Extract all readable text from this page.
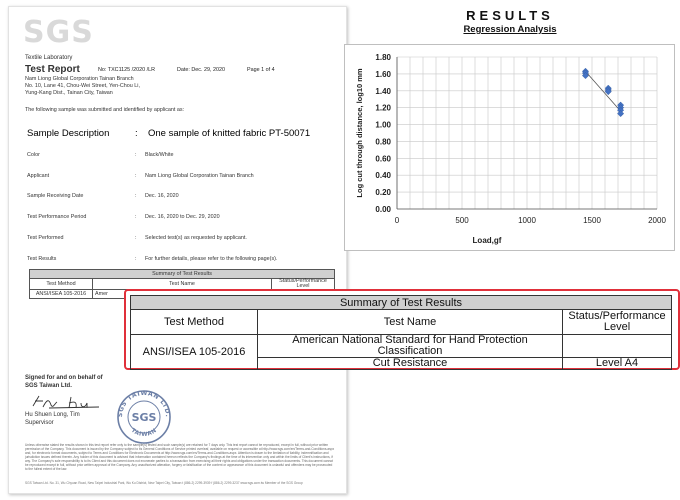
SGS
Textile Laboratory
Test Report	No: TXC1125 /2020 /LR	Date: Dec. 29, 2020	Page 1 of 4
Nam Liong Global Corporation Tainan Branch
No. 10, Lane 41, Chou-Wei Street, Yen-Chou Li,
Yung-Kang Dist., Tainan City, Taiwan
The following sample was submitted and identified by applicant as:
Sample Description	: One sample of knitted fabric PT-50071
Color	: Black/White
Applicant	: Nam Liong Global Corporation Tainan Branch
Sample Receiving Date	: Dec. 16, 2020
Test Performance Period	: Dec. 16, 2020 to Dec. 29, 2020
Test Performed	: Selected test(s) as requested by applicant.
Test Results	: For further details, please refer to the following page(s).
Summary of Test Results		
Test Method	Test Name	Status/Performance Level
ANSI/ISEA 105-2016	Amer	
Signed for and on behalf of
SGS Taiwan Ltd.
Hu Shuen Long, Tim
Supervisor
SGS TAIWAN LTD.
SGS
TAIWAN
Unless otherwise stated the results shown in this test report refer only to the sample(s) tested and such sample(s) are retained for 7 days only. This test report cannot be reproduced, except in full, without prior written permission of the Company. This document is issued by the Company subject to its General Conditions of Service printed overleaf, available on request or accessible at http://www.sgs.com/en/Terms-and-Conditions.aspx and, for electronic format documents, subject to Terms and Conditions for Electronic Documents at http://www.sgs.com/en/Terms-and-Conditions.aspx. Attention is drawn to the limitation of liability, indemnification and jurisdiction issues defined therein. Any holder of this document is advised that information contained hereon reflects the Company's findings at the time of its intervention only and within the limits of Client's instructions, if any. The Company's sole responsibility is to its Client and this document does not exonerate parties to a transaction from exercising all their rights and obligations under the transaction documents. This document cannot be reproduced except in full, without prior written approval of the Company. Any unauthorized alteration, forgery or falsification of the content or appearance of this document is unlawful and offenders may be prosecuted to the fullest extent of the law.
SGS Taiwan Ltd. No. 31, Wu Chyuan Road, New Taipei Industrial Park, Wu Ku District, New Taipei City, Taiwan t (886-2) 2299-3939 f (886-2) 2299-3237 www.sgs.com.tw Member of the SGS Group
RESULTS
Regression Analysis
0.00
0.20
0.40
0.60
0.80
1.00
1.20
1.40
1.60
1.80
0	500	1000	1500	2000
Load,gf
Log cut through distance, log10 mm
Summary of Test Results		
Test Method	Test Name	Status/Performance Level
ANSI/ISEA 105-2016	American National Standard for Hand Protection Classification	
	Cut Resistance	Level A4
